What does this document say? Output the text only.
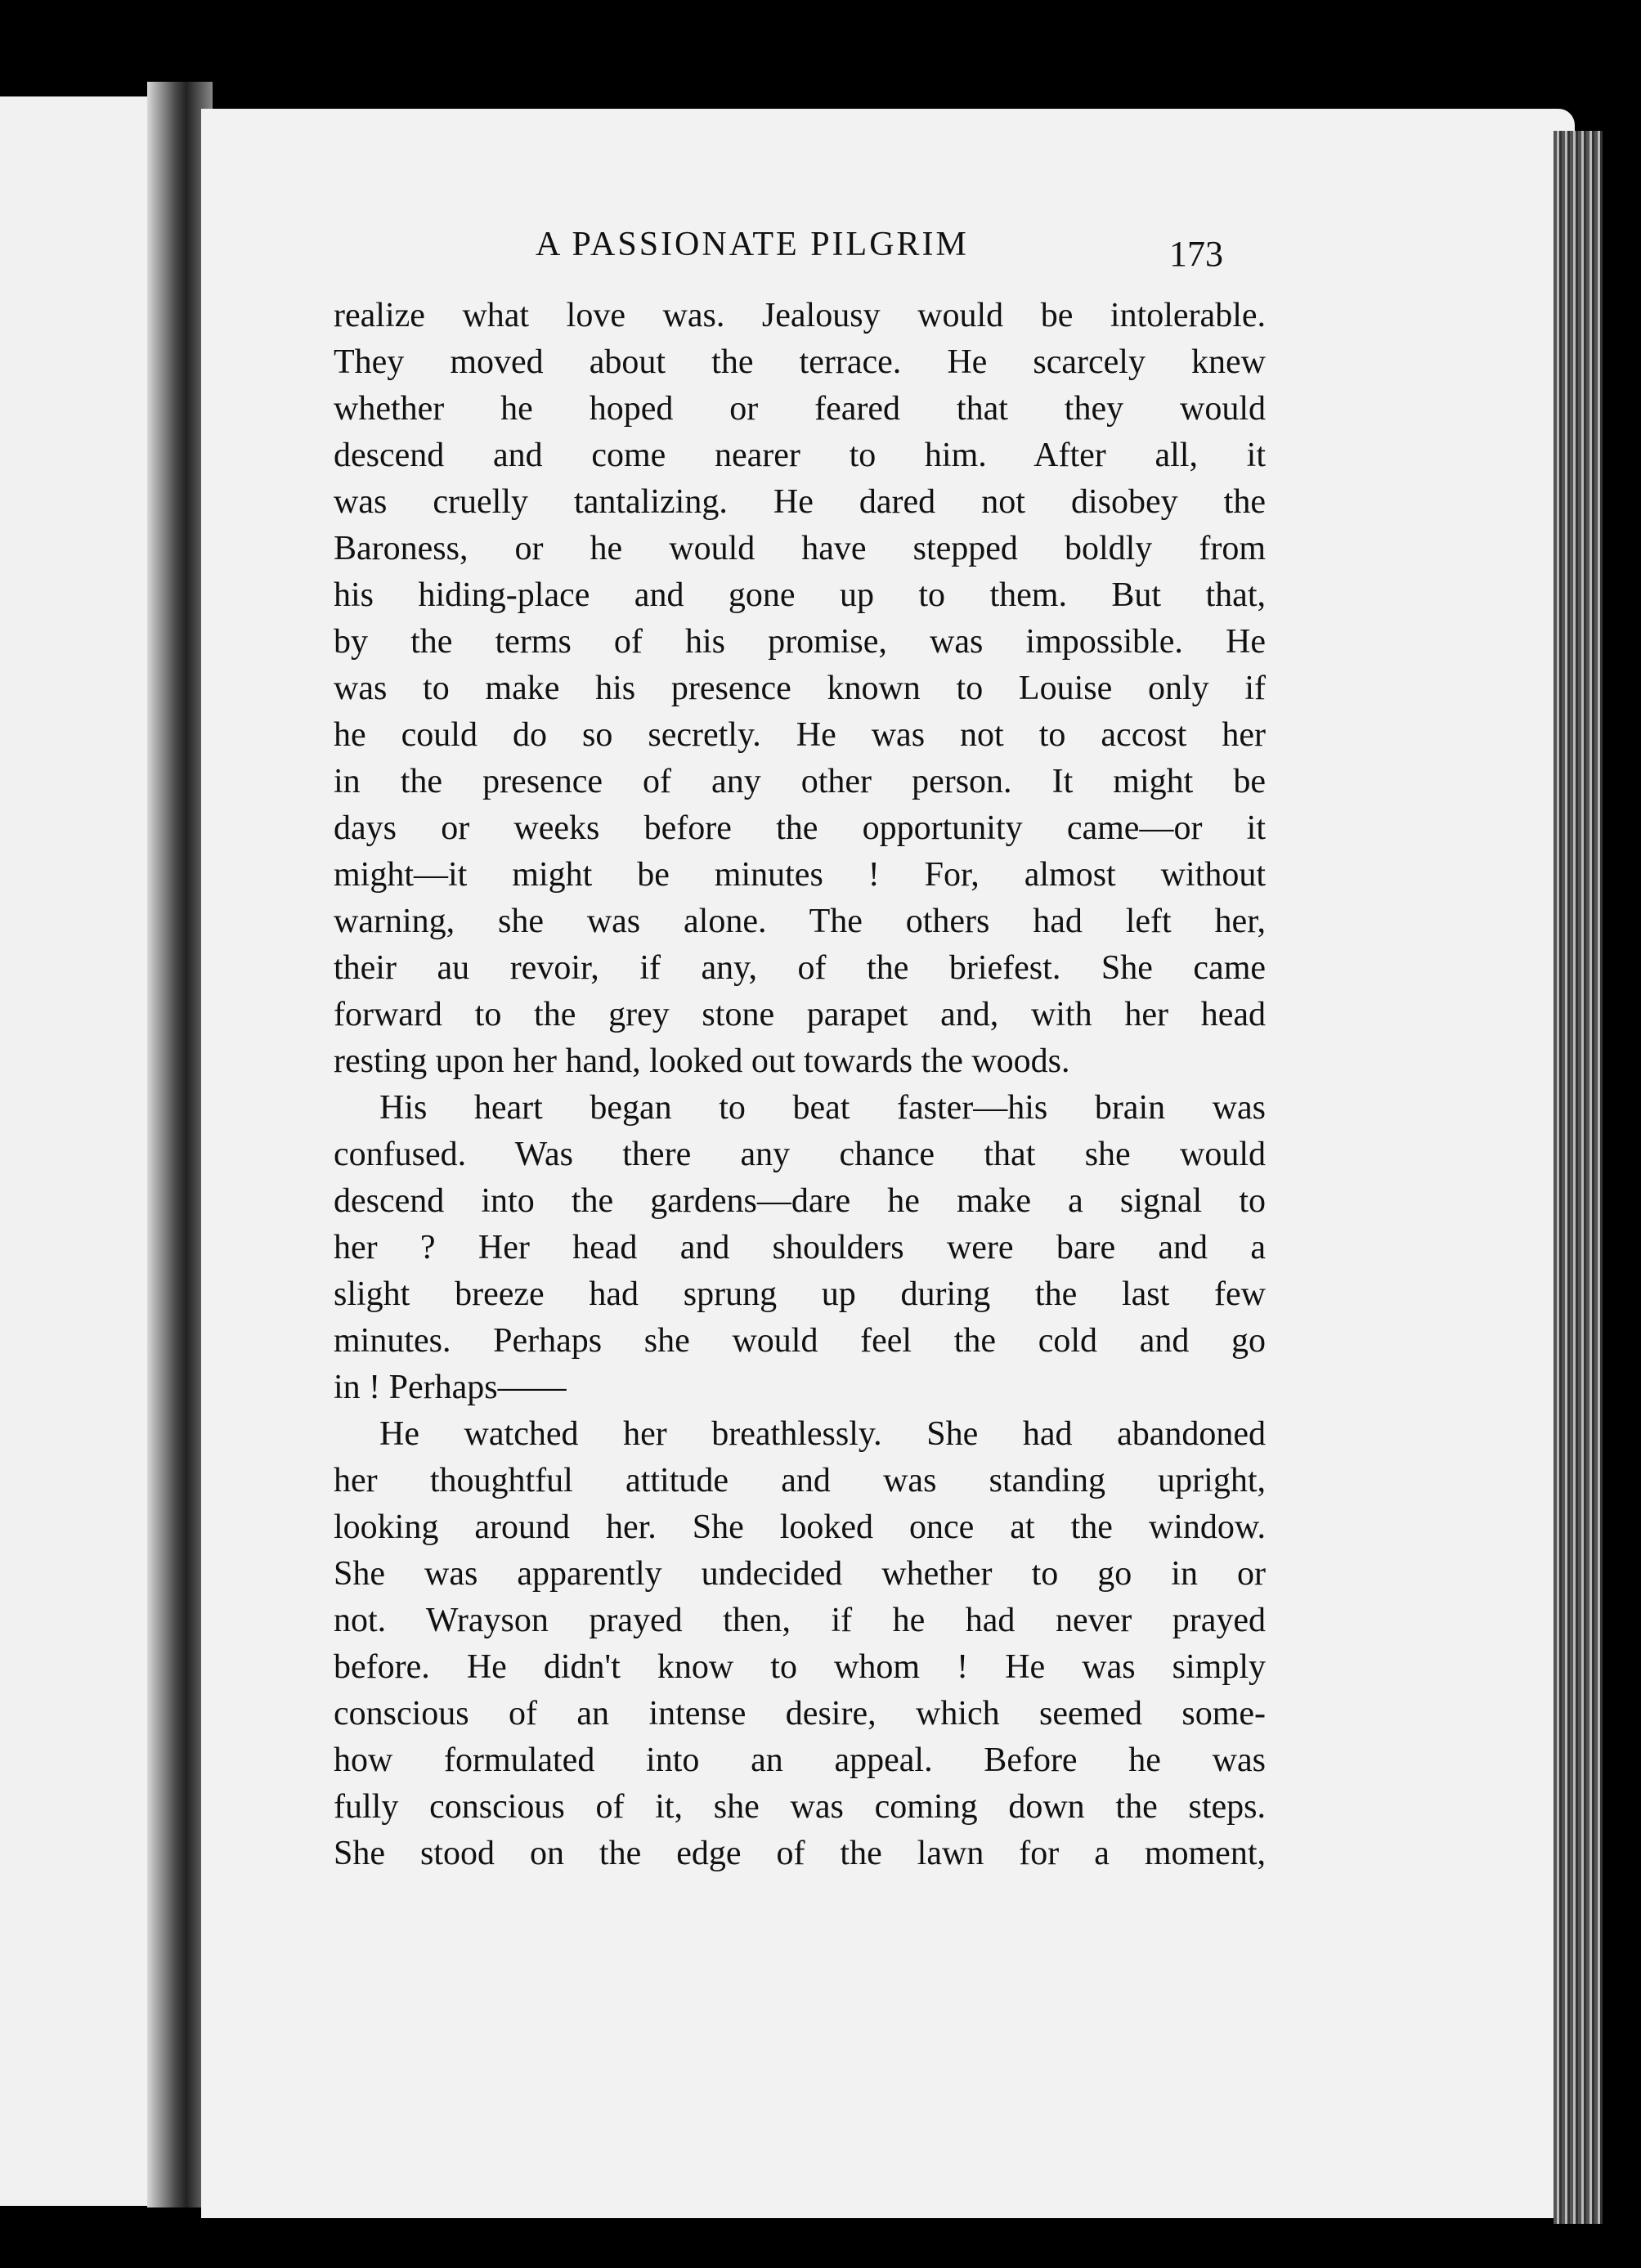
A PASSIONATE PILGRIM	173
realize what love was. Jealousy would be intolerable.
They moved about the terrace. He scarcely knew
whether he hoped or feared that they would
descend and come nearer to him. After all, it
was cruelly tantalizing. He dared not disobey the
Baroness, or he would have stepped boldly from
his hiding-place and gone up to them. But that,
by the terms of his promise, was impossible. He
was to make his presence known to Louise only if
he could do so secretly. He was not to accost her
in the presence of any other person. It might be
days or weeks before the opportunity came—or it
might—it might be minutes ! For, almost without
warning, she was alone. The others had left her,
their au revoir, if any, of the briefest. She came
forward to the grey stone parapet and, with her head
resting upon her hand, looked out towards the woods.
His heart began to beat faster—his brain was
confused. Was there any chance that she would
descend into the gardens—dare he make a signal to
her ? Her head and shoulders were bare and a
slight breeze had sprung up during the last few
minutes. Perhaps she would feel the cold and go
in ! Perhaps——
He watched her breathlessly. She had abandoned
her thoughtful attitude and was standing upright,
looking around her. She looked once at the window.
She was apparently undecided whether to go in or
not. Wrayson prayed then, if he had never prayed
before. He didn't know to whom ! He was simply
conscious of an intense desire, which seemed some-
how formulated into an appeal. Before he was
fully conscious of it, she was coming down the steps.
She stood on the edge of the lawn for a moment,
